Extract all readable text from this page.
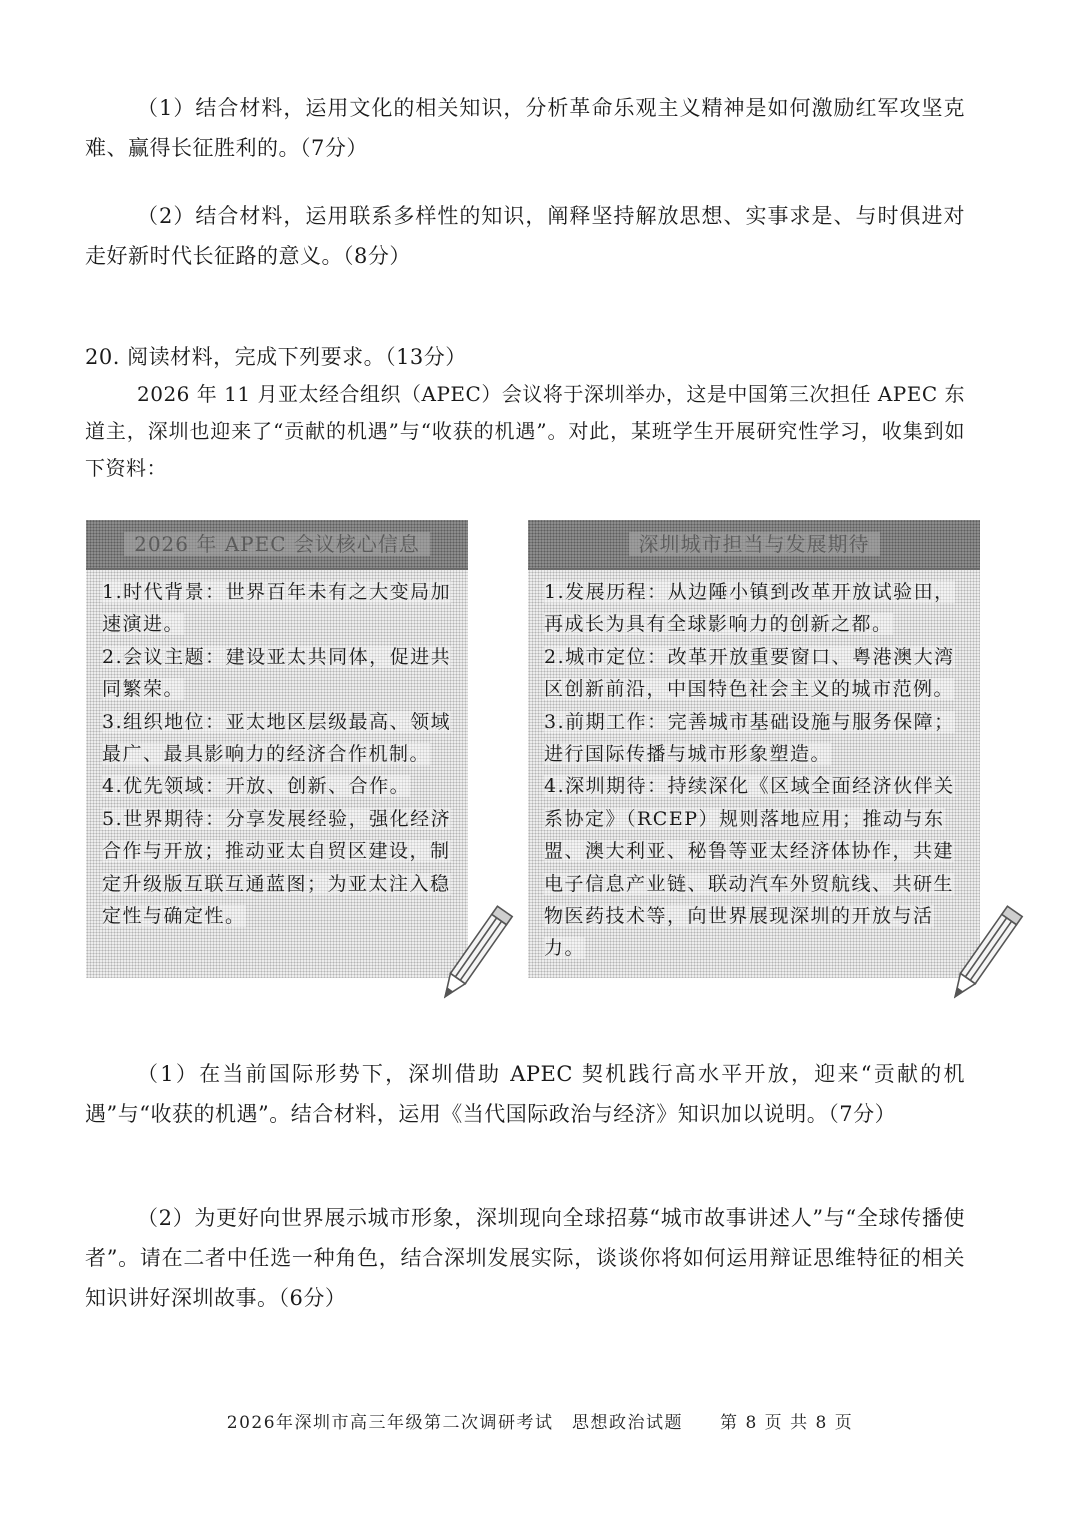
（1）结合材料，运用文化的相关知识，分析革命乐观主义精神是如何激励红军攻坚克难、赢得长征胜利的。（7分）
（2）结合材料，运用联系多样性的知识，阐释坚持解放思想、实事求是、与时俱进对走好新时代长征路的意义。（8分）
20. 阅读材料，完成下列要求。（13分）
2026 年 11 月亚太经合组织（APEC）会议将于深圳举办，这是中国第三次担任 APEC 东道主，深圳也迎来了“贡献的机遇”与“收获的机遇”。对此，某班学生开展研究性学习，收集到如下资料：
2026 年 APEC 会议核心信息
1.时代背景：世界百年未有之大变局加速演进。
2.会议主题：建设亚太共同体，促进共同繁荣。
3.组织地位：亚太地区层级最高、领域最广、最具影响力的经济合作机制。
4.优先领域：开放、创新、合作。
5.世界期待：分享发展经验，强化经济合作与开放；推动亚太自贸区建设，制定升级版互联互通蓝图；为亚太注入稳定性与确定性。
深圳城市担当与发展期待
1.发展历程：从边陲小镇到改革开放试验田，再成长为具有全球影响力的创新之都。
2.城市定位：改革开放重要窗口、粤港澳大湾区创新前沿，中国特色社会主义的城市范例。
3.前期工作：完善城市基础设施与服务保障；进行国际传播与城市形象塑造。
4.深圳期待：持续深化《区域全面经济伙伴关系协定》（RCEP）规则落地应用；推动与东盟、澳大利亚、秘鲁等亚太经济体协作，共建电子信息产业链、联动汽车外贸航线、共研生物医药技术等，向世界展现深圳的开放与活力。
（1）在当前国际形势下，深圳借助 APEC 契机践行高水平开放，迎来“贡献的机遇”与“收获的机遇”。结合材料，运用《当代国际政治与经济》知识加以说明。（7分）
（2）为更好向世界展示城市形象，深圳现向全球招募“城市故事讲述人”与“全球传播使者”。请在二者中任选一种角色，结合深圳发展实际，谈谈你将如何运用辩证思维特征的相关知识讲好深圳故事。（6分）
2026年深圳市高三年级第二次调研考试　思想政治试题　　第 8 页 共 8 页
